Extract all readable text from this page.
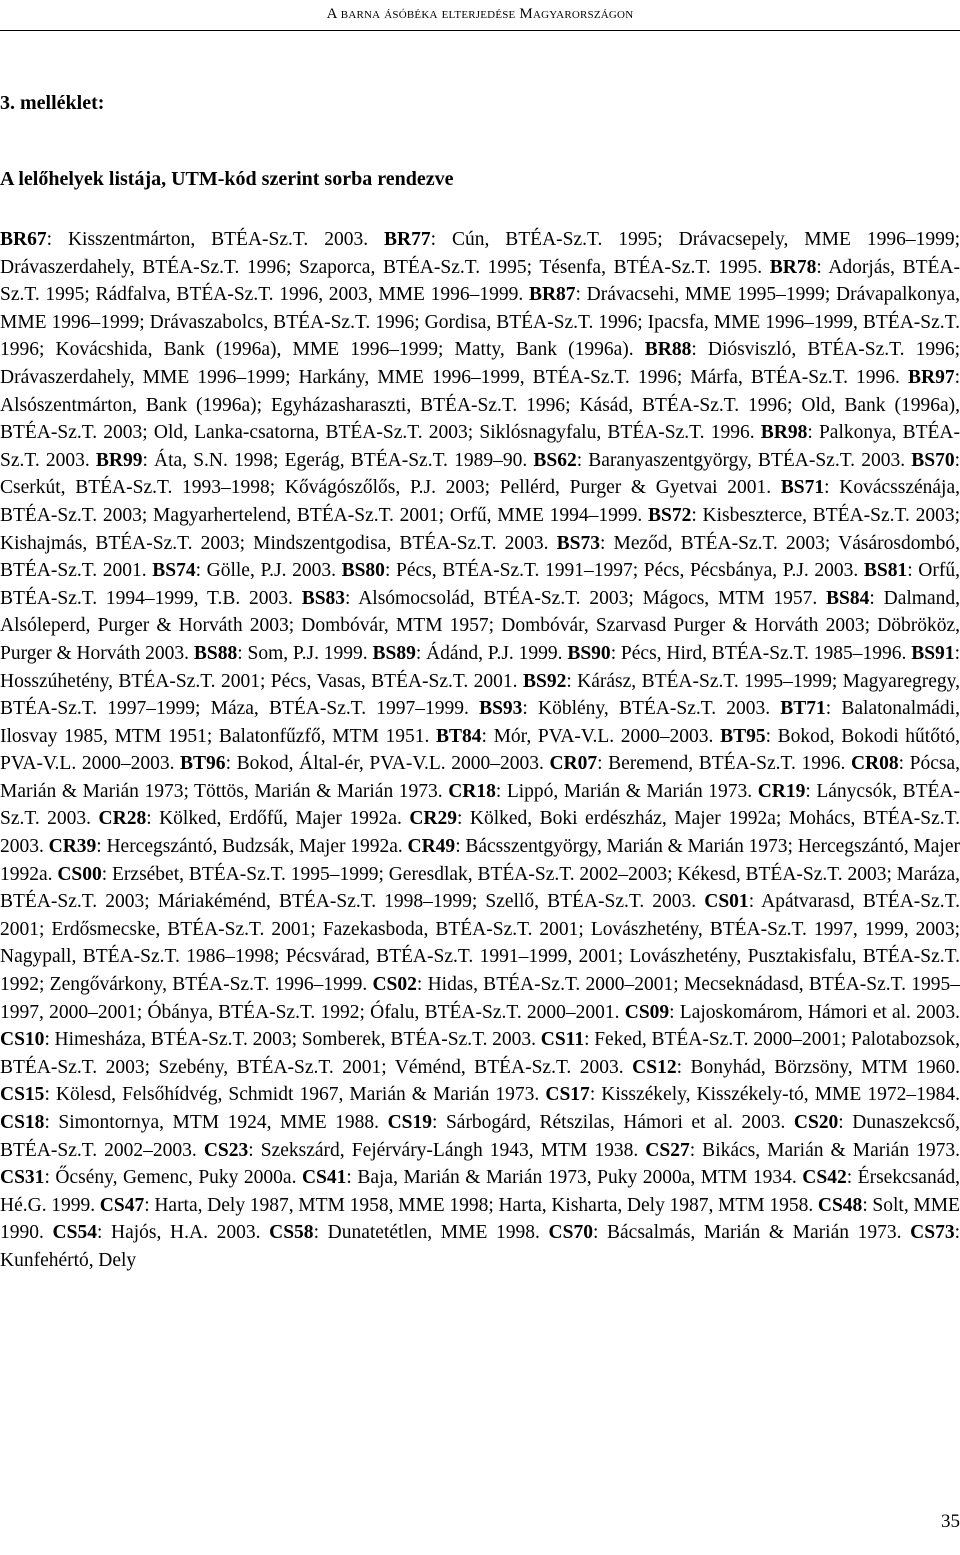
A barna ásóbéka elterjedése Magyarországon
3. melléklet:
A lelőhelyek listája, UTM-kód szerint sorba rendezve
BR67: Kisszentmárton, BTÉA-Sz.T. 2003. BR77: Cún, BTÉA-Sz.T. 1995; Drávacsepely, MME 1996–1999; Drávaszerdahely, BTÉA-Sz.T. 1996; Szaporca, BTÉA-Sz.T. 1995; Tésenfa, BTÉA-Sz.T. 1995. BR78: Adorjás, BTÉA-Sz.T. 1995; Rádfalva, BTÉA-Sz.T. 1996, 2003, MME 1996–1999. BR87: Drávacsehi, MME 1995–1999; Drávapalkonya, MME 1996–1999; Drávaszabolcs, BTÉA-Sz.T. 1996; Gordisa, BTÉA-Sz.T. 1996; Ipacsfa, MME 1996–1999, BTÉA-Sz.T. 1996; Kovácshida, Bank (1996a), MME 1996–1999; Matty, Bank (1996a). BR88: Diósviszló, BTÉA-Sz.T. 1996; Drávaszerdahely, MME 1996–1999; Harkány, MME 1996–1999, BTÉA-Sz.T. 1996; Márfa, BTÉA-Sz.T. 1996. BR97: Alsószentmárton, Bank (1996a); Egyházasharaszti, BTÉA-Sz.T. 1996; Kásád, BTÉA-Sz.T. 1996; Old, Bank (1996a), BTÉA-Sz.T. 2003; Old, Lanka-csatorna, BTÉA-Sz.T. 2003; Siklósnagyfalu, BTÉA-Sz.T. 1996. BR98: Palkonya, BTÉA-Sz.T. 2003. BR99: Áta, S.N. 1998; Egerág, BTÉA-Sz.T. 1989–90. BS62: Baranyaszentgyörgy, BTÉA-Sz.T. 2003. BS70: Cserkút, BTÉA-Sz.T. 1993–1998; Kővágószőlős, P.J. 2003; Pellérd, Purger & Gyetvai 2001. BS71: Kovácsszénája, BTÉA-Sz.T. 2003; Magyarhertelend, BTÉA-Sz.T. 2001; Orfű, MME 1994–1999. BS72: Kisbeszterce, BTÉA-Sz.T. 2003; Kishajmás, BTÉA-Sz.T. 2003; Mindszentgodisa, BTÉA-Sz.T. 2003. BS73: Meződ, BTÉA-Sz.T. 2003; Vásárosdombó, BTÉA-Sz.T. 2001. BS74: Gölle, P.J. 2003. BS80: Pécs, BTÉA-Sz.T. 1991–1997; Pécs, Pécsbánya, P.J. 2003. BS81: Orfű, BTÉA-Sz.T. 1994–1999, T.B. 2003. BS83: Alsómocsolád, BTÉA-Sz.T. 2003; Mágocs, MTM 1957. BS84: Dalmand, Alsóleperd, Purger & Horváth 2003; Dombóvár, MTM 1957; Dombóvár, Szarvasd Purger & Horváth 2003; Döbrököz, Purger & Horváth 2003. BS88: Som, P.J. 1999. BS89: Ádánd, P.J. 1999. BS90: Pécs, Hird, BTÉA-Sz.T. 1985–1996. BS91: Hosszúhetény, BTÉA-Sz.T. 2001; Pécs, Vasas, BTÉA-Sz.T. 2001. BS92: Kárász, BTÉA-Sz.T. 1995–1999; Magyaregregy, BTÉA-Sz.T. 1997–1999; Máza, BTÉA-Sz.T. 1997–1999. BS93: Köblény, BTÉA-Sz.T. 2003. BT71: Balatonalmádi, Ilosvay 1985, MTM 1951; Balatonfűzfő, MTM 1951. BT84: Mór, PVA-V.L. 2000–2003. BT95: Bokod, Bokodi hűtőtó, PVA-V.L. 2000–2003. BT96: Bokod, Által-ér, PVA-V.L. 2000–2003. CR07: Beremend, BTÉA-Sz.T. 1996. CR08: Pócsa, Marián & Marián 1973; Töttös, Marián & Marián 1973. CR18: Lippó, Marián & Marián 1973. CR19: Lánycsók, BTÉA-Sz.T. 2003. CR28: Kölked, Erdőfű, Majer 1992a. CR29: Kölked, Boki erdészház, Majer 1992a; Mohács, BTÉA-Sz.T. 2003. CR39: Hercegszántó, Budzsák, Majer 1992a. CR49: Bácsszentgyörgy, Marián & Marián 1973; Hercegszántó, Majer 1992a. CS00: Erzsébet, BTÉA-Sz.T. 1995–1999; Geresdlak, BTÉA-Sz.T. 2002–2003; Kékesd, BTÉA-Sz.T. 2003; Maráza, BTÉA-Sz.T. 2003; Máriakéménd, BTÉA-Sz.T. 1998–1999; Szellő, BTÉA-Sz.T. 2003. CS01: Apátvarasd, BTÉA-Sz.T. 2001; Erdősmecske, BTÉA-Sz.T. 2001; Fazekasboda, BTÉA-Sz.T. 2001; Lovászhetény, BTÉA-Sz.T. 1997, 1999, 2003; Nagypall, BTÉA-Sz.T. 1986–1998; Pécsvárad, BTÉA-Sz.T. 1991–1999, 2001; Lovászhetény, Pusztakisfalu, BTÉA-Sz.T. 1992; Zengővárkony, BTÉA-Sz.T. 1996–1999. CS02: Hidas, BTÉA-Sz.T. 2000–2001; Mecseknádasd, BTÉA-Sz.T. 1995–1997, 2000–2001; Óbánya, BTÉA-Sz.T. 1992; Ófalu, BTÉA-Sz.T. 2000–2001. CS09: Lajoskomárom, Hámori et al. 2003. CS10: Himesháza, BTÉA-Sz.T. 2003; Somberek, BTÉA-Sz.T. 2003. CS11: Feked, BTÉA-Sz.T. 2000–2001; Palotabozsok, BTÉA-Sz.T. 2003; Szebény, BTÉA-Sz.T. 2001; Véménd, BTÉA-Sz.T. 2003. CS12: Bonyhád, Börzsöny, MTM 1960. CS15: Kölesd, Felsőhídvég, Schmidt 1967, Marián & Marián 1973. CS17: Kisszékely, Kisszékely-tó, MME 1972–1984. CS18: Simontornya, MTM 1924, MME 1988. CS19: Sárbogárd, Rétszilas, Hámori et al. 2003. CS20: Dunaszekcső, BTÉA-Sz.T. 2002–2003. CS23: Szekszárd, Fejérváry-Lángh 1943, MTM 1938. CS27: Bikács, Marián & Marián 1973. CS31: Őcsény, Gemenc, Puky 2000a. CS41: Baja, Marián & Marián 1973, Puky 2000a, MTM 1934. CS42: Érsekcsanád, Hé.G. 1999. CS47: Harta, Dely 1987, MTM 1958, MME 1998; Harta, Kisharta, Dely 1987, MTM 1958. CS48: Solt, MME 1990. CS54: Hajós, H.A. 2003. CS58: Dunatetétlen, MME 1998. CS70: Bácsalmás, Marián & Marián 1973. CS73: Kunfehértó, Dely
35
